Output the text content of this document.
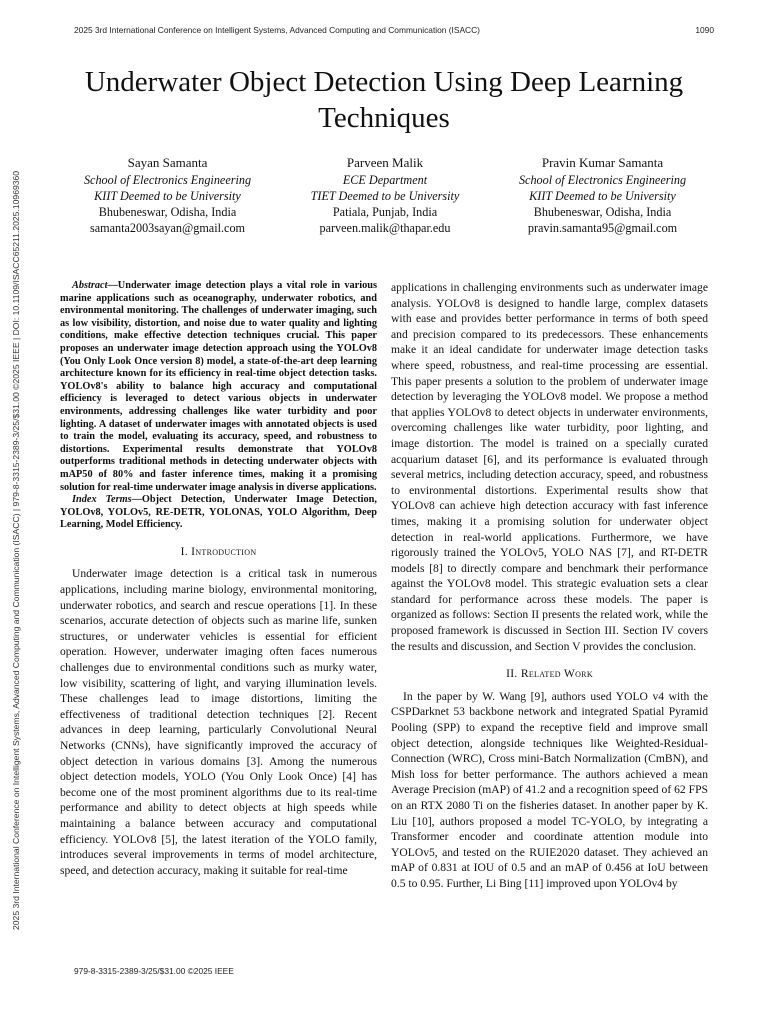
2025 3rd International Conference on Intelligent Systems, Advanced Computing and Communication (ISACC)	1090
2025 3rd International Conference on Intelligent Systems, Advanced Computing and Communication (ISACC) | 979-8-3315-2389-3/25/$31.00 ©2025 IEEE | DOI: 10.1109/ISACC65211.2025.10969360
Underwater Object Detection Using Deep Learning Techniques
Sayan Samanta
School of Electronics Engineering
KIIT Deemed to be University
Bhubeneswar, Odisha, India
samanta2003sayan@gmail.com
Parveen Malik
ECE Department
TIET Deemed to be University
Patiala, Punjab, India
parveen.malik@thapar.edu
Pravin Kumar Samanta
School of Electronics Engineering
KIIT Deemed to be University
Bhubeneswar, Odisha, India
pravin.samanta95@gmail.com

Abstract—Underwater image detection plays a vital role in various marine applications such as oceanography, underwater robotics, and environmental monitoring. The challenges of underwater imaging, such as low visibility, distortion, and noise due to water quality and lighting conditions, make effective detection techniques crucial. This paper proposes an underwater image detection approach using the YOLOv8 (You Only Look Once version 8) model, a state-of-the-art deep learning architecture known for its efficiency in real-time object detection tasks. YOLOv8's ability to balance high accuracy and computational efficiency is leveraged to detect various objects in underwater environments, addressing challenges like water turbidity and poor lighting. A dataset of underwater images with annotated objects is used to train the model, evaluating its accuracy, speed, and robustness to distortions. Experimental results demonstrate that YOLOv8 outperforms traditional methods in detecting underwater objects with mAP50 of 80% and faster inference times, making it a promising solution for real-time underwater image analysis in diverse applications.

Index Terms—Object Detection, Underwater Image Detection, YOLOv8, YOLOv5, RE-DETR, YOLONAS, YOLO Algorithm, Deep Learning, Model Efficiency.

I. Introduction

Underwater image detection is a critical task in numerous applications, including marine biology, environmental monitoring, underwater robotics, and search and rescue operations [1]. In these scenarios, accurate detection of objects such as marine life, sunken structures, or underwater vehicles is essential for efficient operation. However, underwater imaging often faces numerous challenges due to environmental conditions such as murky water, low visibility, scattering of light, and varying illumination levels. These challenges lead to image distortions, limiting the effectiveness of traditional detection techniques [2]. Recent advances in deep learning, particularly Convolutional Neural Networks (CNNs), have significantly improved the accuracy of object detection in various domains [3]. Among the numerous object detection models, YOLO (You Only Look Once) [4] has become one of the most prominent algorithms due to its real-time performance and ability to detect objects at high speeds while maintaining a balance between accuracy and computational efficiency. YOLOv8 [5], the latest iteration of the YOLO family, introduces several improvements in terms of model architecture, speed, and detection accuracy, making it suitable for real-time

applications in challenging environments such as underwater image analysis. YOLOv8 is designed to handle large, complex datasets with ease and provides better performance in terms of both speed and precision compared to its predecessors. These enhancements make it an ideal candidate for underwater image detection tasks where speed, robustness, and real-time processing are essential. This paper presents a solution to the problem of underwater image detection by leveraging the YOLOv8 model. We propose a method that applies YOLOv8 to detect objects in underwater environments, overcoming challenges like water turbidity, poor lighting, and image distortion. The model is trained on a specially curated acquarium dataset [6], and its performance is evaluated through several metrics, including detection accuracy, speed, and robustness to environmental distortions. Experimental results show that YOLOv8 can achieve high detection accuracy with fast inference times, making it a promising solution for underwater object detection in real-world applications. Furthermore, we have rigorously trained the YOLOv5, YOLO NAS [7], and RT-DETR models [8] to directly compare and benchmark their performance against the YOLOv8 model. This strategic evaluation sets a clear standard for performance across these models. The paper is organized as follows: Section II presents the related work, while the proposed framework is discussed in Section III. Section IV covers the results and discussion, and Section V provides the conclusion.

II. Related Work

In the paper by W. Wang [9], authors used YOLO v4 with the CSPDarknet 53 backbone network and integrated Spatial Pyramid Pooling (SPP) to expand the receptive field and improve small object detection, alongside techniques like Weighted-Residual-Connection (WRC), Cross mini-Batch Normalization (CmBN), and Mish loss for better performance. The authors achieved a mean Average Precision (mAP) of 41.2 and a recognition speed of 62 FPS on an RTX 2080 Ti on the fisheries dataset. In another paper by K. Liu [10], authors proposed a model TC-YOLO, by integrating a Transformer encoder and coordinate attention module into YOLOv5, and tested on the RUIE2020 dataset. They achieved an mAP of 0.831 at IOU of 0.5 and an mAP of 0.456 at IoU between 0.5 to 0.95. Further, Li Bing [11] improved upon YOLOv4 by

979-8-3315-2389-3/25/$31.00 ©2025 IEEE
